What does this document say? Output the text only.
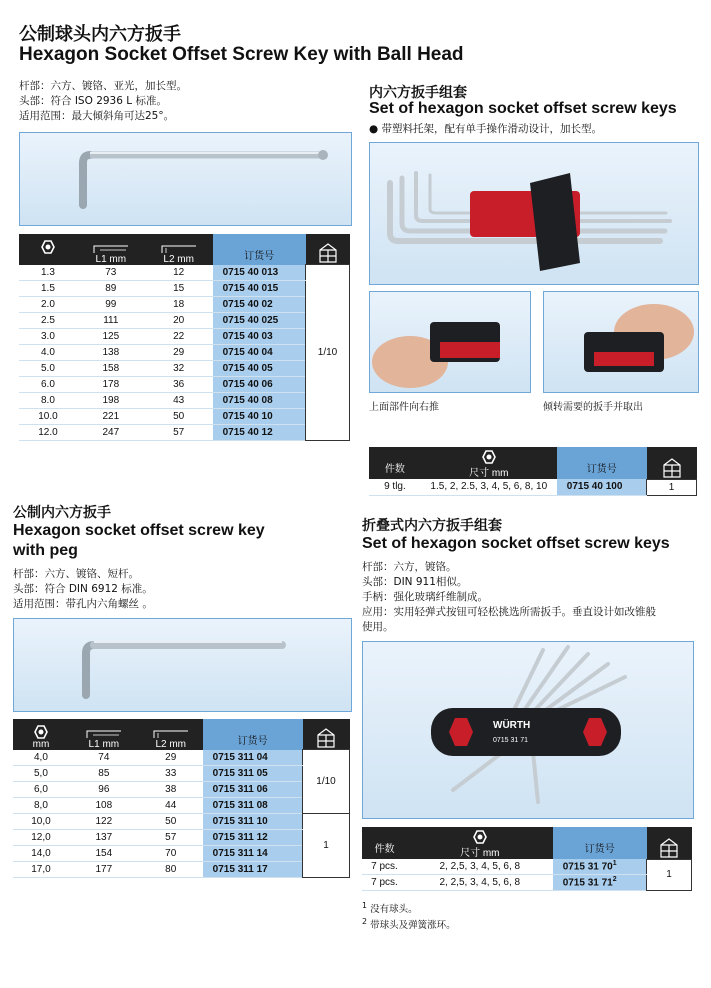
公制球头内六方扳手
Hexagon Socket Offset Screw Key with Ball Head
杆部：六方、镀铬、亚光，加长型。
头部：符合 ISO 2936 L 标准。
适用范围：最大倾斜角可达25°。

L1 mm	L2 mm	订货号

1.3	73	12	0715 40 013	1/10
1.5	89	15	0715 40 015	
2.0	99	18	0715 40 02	
2.5	111	20	0715 40 025	
3.0	125	22	0715 40 03	
4.0	138	29	0715 40 04	
5.0	158	32	0715 40 05	
6.0	178	36	0715 40 06	
8.0	198	43	0715 40 08	
10.0	221	50	0715 40 10	
12.0	247	57	0715 40 12	
内六方扳手组套
Set of hexagon socket offset screw keys
● 带塑料托架，配有单手操作滑动设计，加长型。
上面部件向右推	倾转需要的扳手并取出
件数	尺寸 mm	订货号

9 tlg.	1.5, 2, 2.5, 3, 4, 5, 6, 8, 10	0715 40 100	1
公制内六方扳手
Hexagon socket offset screw key
with peg
杆部：六方、镀铬、短杆。
头部：符合 DIN 6912 标准。
适用范围：带孔内六角螺丝 。
mm	L1 mm	L2 mm	订货号

4,0	74	29	0715 311 04	1/10
5,0	85	33	0715 311 05	
6,0	96	38	0715 311 06	
8,0	108	44	0715 311 08	
10,0	122	50	0715 311 10	1
12,0	137	57	0715 311 12	
14,0	154	70	0715 311 14	
17,0	177	80	0715 311 17	
折叠式内六方扳手组套
Set of hexagon socket offset screw keys
杆部：六方，镀铬。
头部：DIN 911相似。
手柄：强化玻璃纤维制成。
应用：实用轻弹式按钮可轻松挑选所需扳手。垂直设计如改锥般
使用。
WÜRTH
0715 31 71
件数	尺寸 mm	订货号

7 pcs.	2, 2,5, 3, 4, 5, 6, 8	0715 31 $70^1$	1
7 pcs.	2, 2,5, 3, 4, 5, 6, 8	0715 31 $71^2$
$^1$ 没有球头。
$^2$ 带球头及弹簧涨环。
